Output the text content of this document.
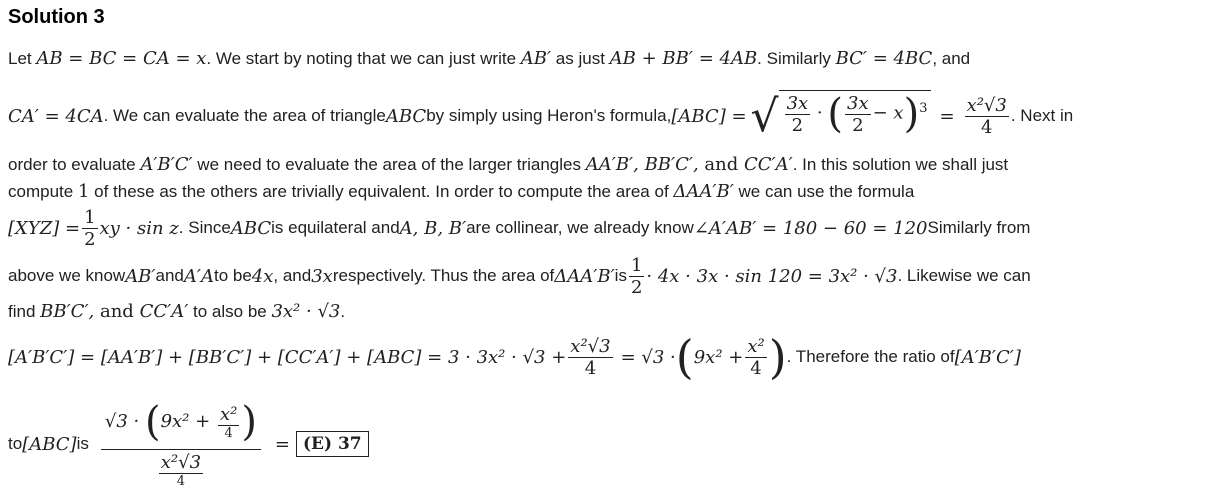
Solution 3
Let AB = BC = CA = x. We start by noting that we can just write AB′ as just AB + BB′ = 4AB. Similarly BC′ = 4BC, and
CA′ = 4CA . We can evaluate the area of triangle ABC by simply using Heron's formula, [ABC] = √ $\frac{3x}{2}$ · ( $\frac{3x}{2} - x)^3 = \frac{\text{x²√3}}{4}$ . Next in
order to evaluate A′B′C′ we need to evaluate the area of the larger triangles AA′B′, BB′C′, and CC′A′. In this solution we shall just
compute 1 of these as the others are trivially equivalent. In order to compute the area of ΔAA′B′ we can use the formula
$[XYZ] = \frac{1}{2}$ xy · sin z . Since ABC is equilateral and A, B, B′ are collinear, we already know ∠A′AB′ = 180 − 60 = 120 Similarly from
above we know AB′ and A′A to be 4x , and 3x respectively. Thus the area of ΔAA′B′ is $\frac{1}{2} \cdot 4x \cdot 3x \cdot \sin 120 = 3x^2 \cdot √3$ . Likewise we can
find BB′C′, and CC′A′ to also be 3x² · √3.
$[A'B'C'] = [AA'B'] + [BB'C'] + [CC'A'] + [ABC] = 3 \cdot 3x^2 \cdot √3 + \frac{\text{x²√3}}{4} = √3$ · ( $9x^2 + \frac{\text{x²}}{4}$ ) . Therefore the ratio of [A′B′C′]
to [ABC] is $\frac{√3 \cdot (9x^2 + \frac{\text{x²}}{4} )}{\frac{\text{x²√3}}{4}} = (E)$ 37
